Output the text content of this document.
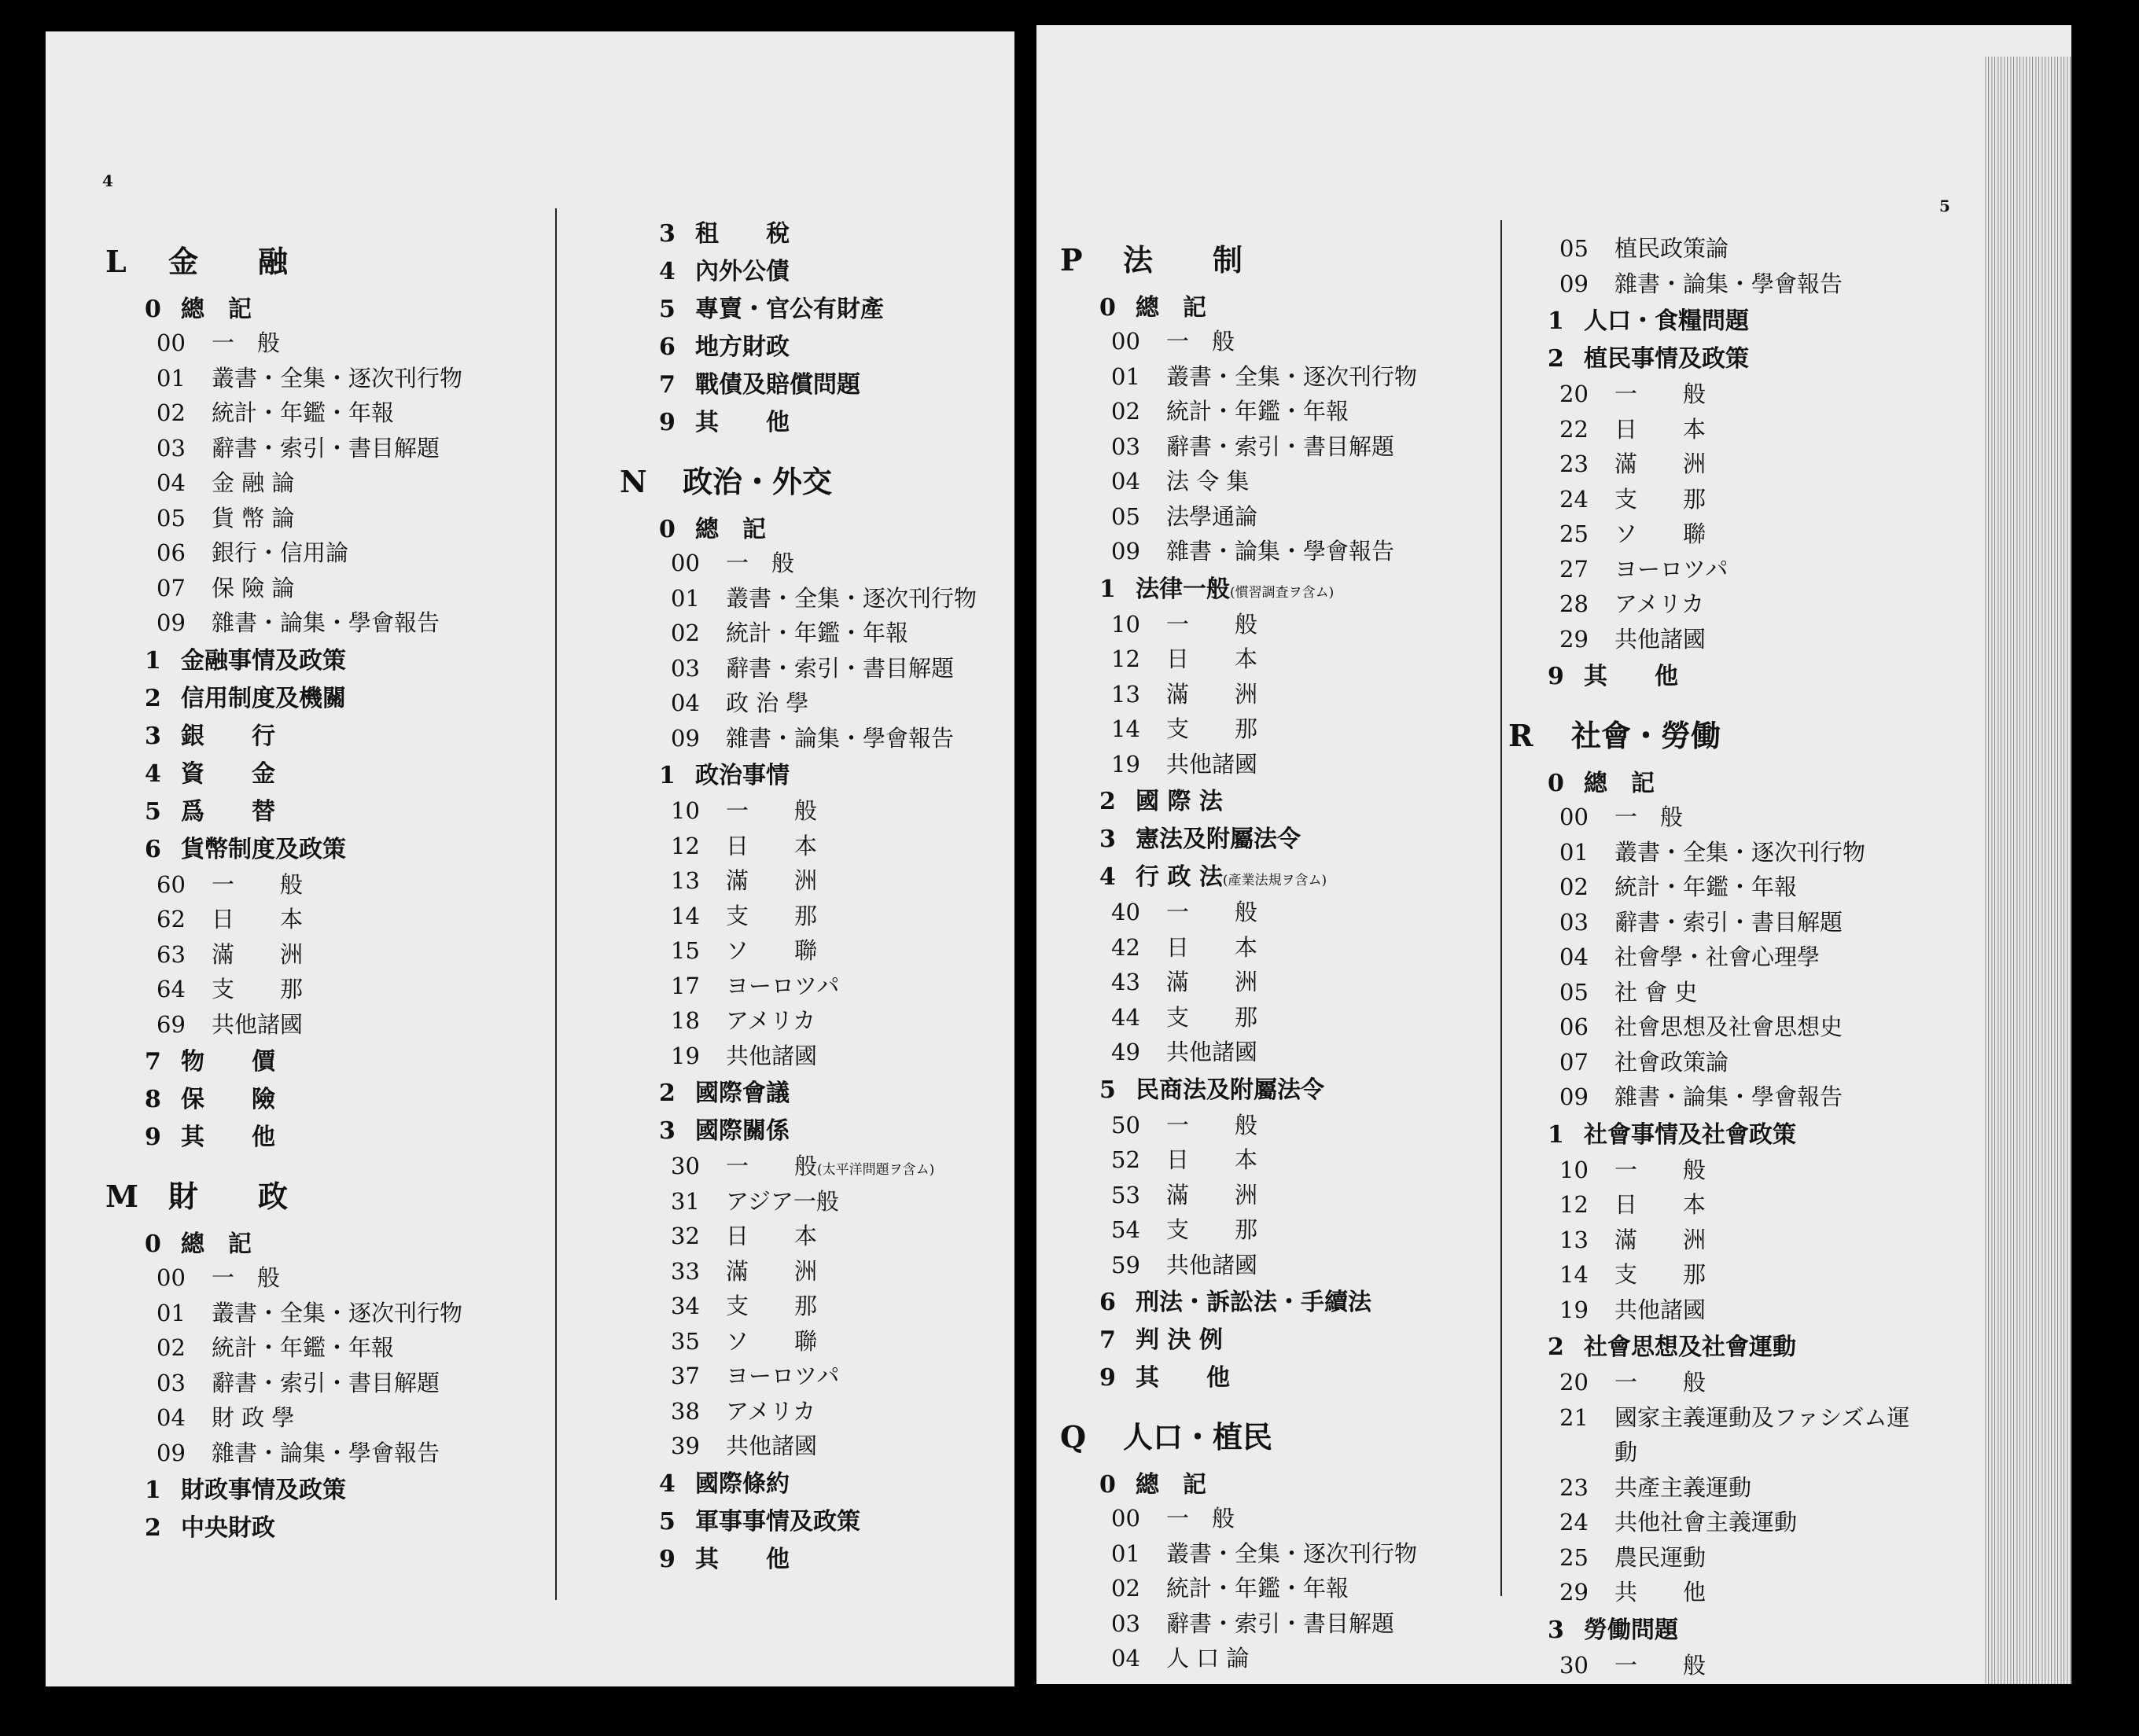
4
L	金　　融
0 總　記
00	一　般
01	叢書・全集・逐次刊行物
02	統計・年鑑・年報
03	辭書・索引・書目解題
04	金 融 論
05	貨 幣 論
06	銀行・信用論
07	保 險 論
09	雜書・論集・學會報告
1 金融事情及政策
2 信用制度及機關
3 銀　　行
4 資　　金
5 爲　　替
6 貨幣制度及政策
60	一　　般
62	日　　本
63	滿　　洲
64	支　　那
69	共他諸國
7 物　　價
8 保　　險
9 其　　他
M 財　　政
0 總　記
00	一　般
01	叢書・全集・逐次刊行物
02	統計・年鑑・年報
03	辭書・索引・書目解題
04	財 政 學
09	雜書・論集・學會報告
1 財政事情及政策
2 中央財政
3 租　　稅
4 內外公債
5 專賣・官公有財產
6 地方財政
7 戰債及賠償問題
9 其　　他
N	政治・外交
0 總　記
00	一　般
01	叢書・全集・逐次刊行物
02	統計・年鑑・年報
03	辭書・索引・書目解題
04	政 治 學
09	雜書・論集・學會報告
1 政治事情
10	一　　般
12	日　　本
13	滿　　洲
14	支　　那
15	ソ　　聯
17	ヨーロツパ
18	アメリカ
19	共他諸國
2 國際會議
3 國際關係
30	一　　般 (太平洋問題ヲ含ム)
31	アジア一般
32	日　　本
33	滿　　洲
34	支　　那
35	ソ　　聯
37	ヨーロツパ
38	アメリカ
39	共他諸國
4 國際條約
5 軍事事情及政策
9 其　　他
5
P	法　　制
0 總　記
00	一　般
01	叢書・全集・逐次刊行物
02	統計・年鑑・年報
03	辭書・索引・書目解題
04	法 令 集
05	法學通論
09	雜書・論集・學會報告
1 法律一般 (慣習調査ヲ含ム)
10	一　　般
12	日　　本
13	滿　　洲
14	支　　那
19	共他諸國
2 國 際 法
3 憲法及附屬法令
4 行 政 法 (產業法規ヲ含ム)
40	一　　般
42	日　　本
43	滿　　洲
44	支　　那
49	共他諸國
5 民商法及附屬法令
50	一　　般
52	日　　本
53	滿　　洲
54	支　　那
59	共他諸國
6 刑法・訴訟法・手續法
7 判 決 例
9 其　　他
Q	人口・植民
0 總　記
00	一　般
01	叢書・全集・逐次刊行物
02	統計・年鑑・年報
03	辭書・索引・書目解題
04	人 口 論
05	植民政策論
09	雜書・論集・學會報告
1 人口・食糧問題
2 植民事情及政策
20	一　　般
22	日　　本
23	滿　　洲
24	支　　那
25	ソ　　聯
27	ヨーロツパ
28	アメリカ
29	共他諸國
9 其　　他
R	社會・勞働
0 總　記
00	一　般
01	叢書・全集・逐次刊行物
02	統計・年鑑・年報
03	辭書・索引・書目解題
04	社會學・社會心理學
05	社 會 史
06	社會思想及社會思想史
07	社會政策論
09	雜書・論集・學會報告
1 社會事情及社會政策
10	一　　般
12	日　　本
13	滿　　洲
14	支　　那
19	共他諸國
2 社會思想及社會運動
20	一　　般
21	國家主義運動及ファシズム運
動
23	共產主義運動
24	共他社會主義運動
25	農民運動
29	共　　他
3 勞働問題
30	一　　般
